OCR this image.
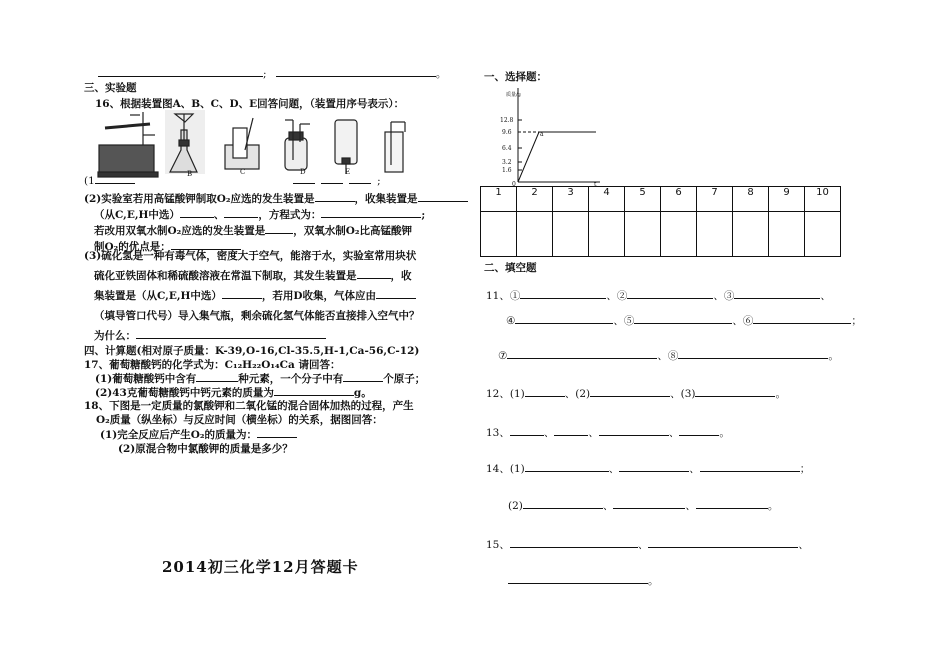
;	。
三、实验题
16、根据装置图A、B、C、D、E回答问题，（装置用序号表示）：
B	C	D	E
(1	;
(2)实验室若用高锰酸钾制取O₂应选的发生装置是	，收集装置是
（从C,E,H中选）	、	，方程式为：	;
若改用双氧水制O₂应选的发生装置是	，双氧水制O₂比高锰酸钾
制O₂的优点是：
(3)硫化氢是一种有毒气体，密度大于空气，能溶于水，实验室常用块状
硫化亚铁固体和稀硫酸溶液在常温下制取，其发生装置是	，收
集装置是（从C,E,H中选）	，若用D收集，气体应由
（填导管口代号）导入集气瓶，剩余硫化氢气体能否直接排入空气中？
为什么：
四、计算题(相对原子质量：K-39,O-16,Cl-35.5,H-1,Ca-56,C-12)
17、葡萄糖酸钙的化学式为：C₁₂H₂₂O₁₄Ca 请回答：
(1)葡萄糖酸钙中含有	种元素，一个分子中有	个原子；
(2)43克葡萄糖酸钙中钙元素的质量为	g。
18、下图是一定质量的氯酸钾和二氧化锰的混合固体加热的过程，产生
O₂质量（纵坐标）与反应时间（横坐标）的关系，据图回答：
(1)完全反应后产生O₂的质量为：
(2)原混合物中氯酸钾的质量是多少？
2014初三化学12月答题卡
一、选择题：
质量/g
12.8
9.6
6.4
3.2
1.6
0
a
t
1	2	3	4	5	6	7	8	9	10

二、填空题
11、①	、②	、③	、
④	、⑤	、⑥	；
⑦	、⑧	。
12、(1)	、(2)	、(3)	。
13、	、	、	、	。
14、(1)	、	、	；
(2)	、	、	。
15、	、	、
。
